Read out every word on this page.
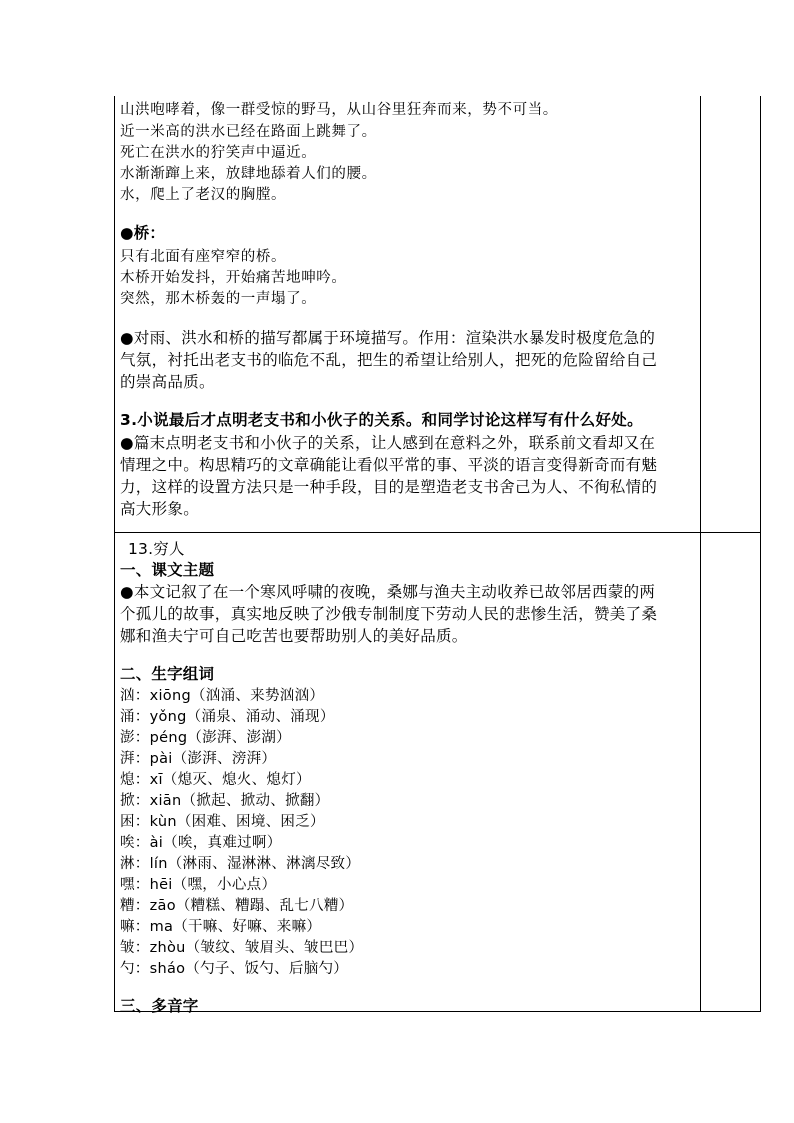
山洪咆哮着，像一群受惊的野马，从山谷里狂奔而来，势不可当。
近一米高的洪水已经在路面上跳舞了。
死亡在洪水的狞笑声中逼近。
水渐渐蹿上来，放肆地舔着人们的腰。
水，爬上了老汉的胸膛。
●桥：
只有北面有座窄窄的桥。
木桥开始发抖，开始痛苦地呻吟。
突然，那木桥轰的一声塌了。
●对雨、洪水和桥的描写都属于环境描写。作用：渲染洪水暴发时极度危急的
气氛，衬托出老支书的临危不乱，把生的希望让给别人，把死的危险留给自己
的崇高品质。
3.小说最后才点明老支书和小伙子的关系。和同学讨论这样写有什么好处。
●篇末点明老支书和小伙子的关系，让人感到在意料之外，联系前文看却又在
情理之中。构思精巧的文章确能让看似平常的事、平淡的语言变得新奇而有魅
力，这样的设置方法只是一种手段，目的是塑造老支书舍己为人、不徇私情的
高大形象。
13.穷人
一、课文主题
●本文记叙了在一个寒风呼啸的夜晚，桑娜与渔夫主动收养已故邻居西蒙的两
个孤儿的故事，真实地反映了沙俄专制制度下劳动人民的悲惨生活，赞美了桑
娜和渔夫宁可自己吃苦也要帮助别人的美好品质。
二、生字组词
汹：xiōng（汹涌、来势汹汹）
涌：yǒng（涌泉、涌动、涌现）
澎：péng（澎湃、澎湖）
湃：pài（澎湃、滂湃）
熄：xī（熄灭、熄火、熄灯）
掀：xiān（掀起、掀动、掀翻）
困：kùn（困难、困境、困乏）
唉：ài（唉，真难过啊）
淋：lín（淋雨、湿淋淋、淋漓尽致）
嘿：hēi（嘿，小心点）
糟：zāo（糟糕、糟蹋、乱七八糟）
嘛：ma（干嘛、好嘛、来嘛）
皱：zhòu（皱纹、皱眉头、皱巴巴）
勺：sháo（勺子、饭勺、后脑勺）
三、多音字
